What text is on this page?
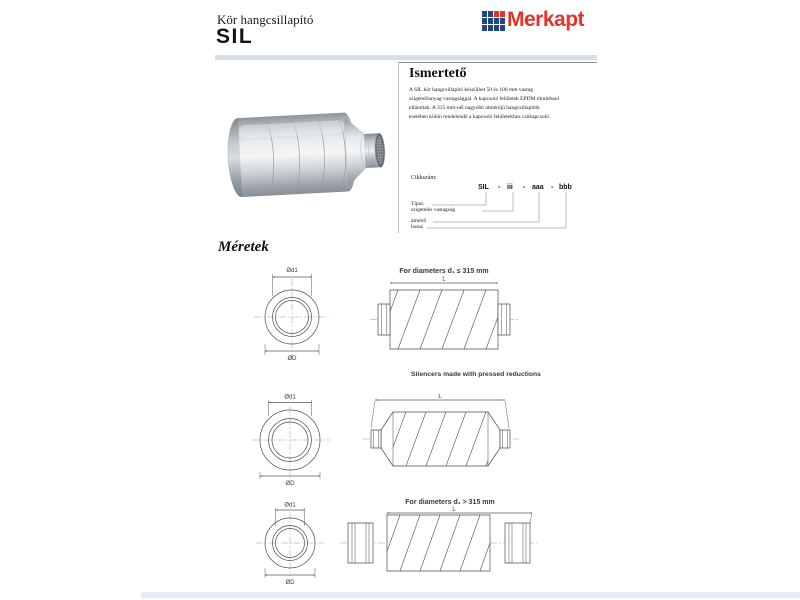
Kör hangcsillapító
SIL
Merkapt
Ismertető
A SIL kör hangcsillapító készülhet 50 és 100 mm vastag
szigetelőanyag vastagsággal. A kapcsoló felületek EPDM tömítéssel
ellátottak. A 315 mm-nél nagyobb átmérőjű hangcsillapítók
esetében külön rendelendő a kapcsoló felületekhez csőkapcsoló.
Cikkszám:
SIL - iii - aaa - bbb
Típus
szigetelés vastagság
átmérő
hossz
Méretek
Ød1
ØD
For diameters d₁ ≤ 315 mm
L
Silencers made with pressed reductions
Ød1
ØD
L
Ød1
ØD
For diameters d₁ > 315 mm
L
